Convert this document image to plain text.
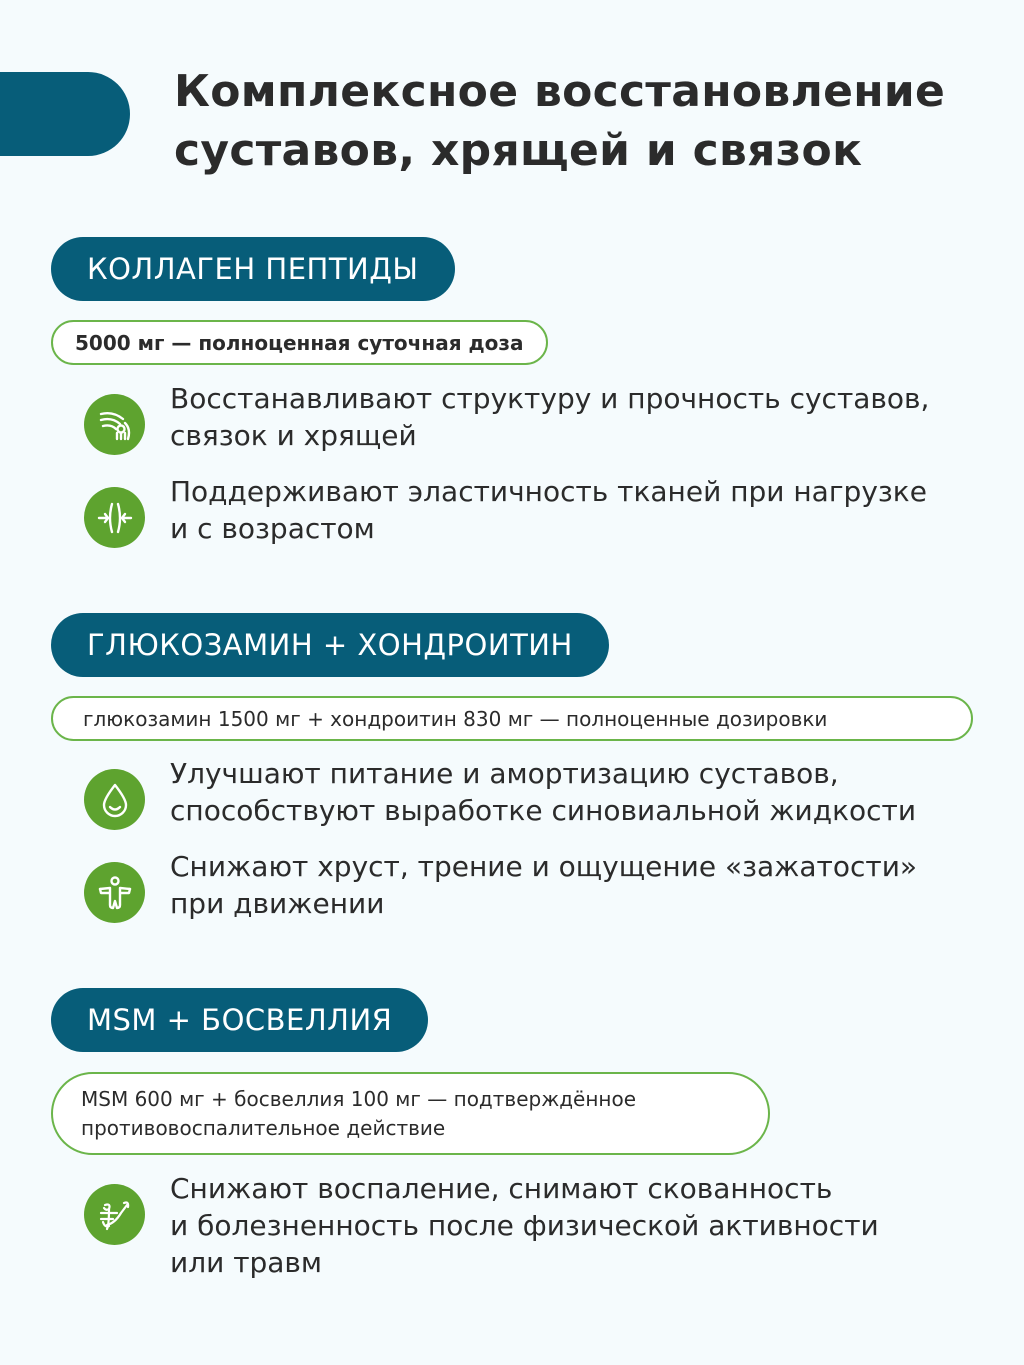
Комплексное восстановление
суставов, хрящей и связок
КОЛЛАГЕН ПЕПТИДЫ
5000 мг — полноценная суточная доза
Восстанавливают структуру и прочность суставов,
связок и хрящей
Поддерживают эластичность тканей при нагрузке
и с возрастом
ГЛЮКОЗАМИН + ХОНДРОИТИН
глюкозамин 1500 мг + хондроитин 830 мг — полноценные дозировки
Улучшают питание и амортизацию суставов,
способствуют выработке синовиальной жидкости
Снижают хруст, трение и ощущение «зажатости»
при движении
MSM + БОСВЕЛЛИЯ
MSM 600 мг + босвеллия 100 мг — подтверждённое
противовоспалительное действие
Снижают воспаление, снимают скованность
и болезненность после физической активности
или травм
